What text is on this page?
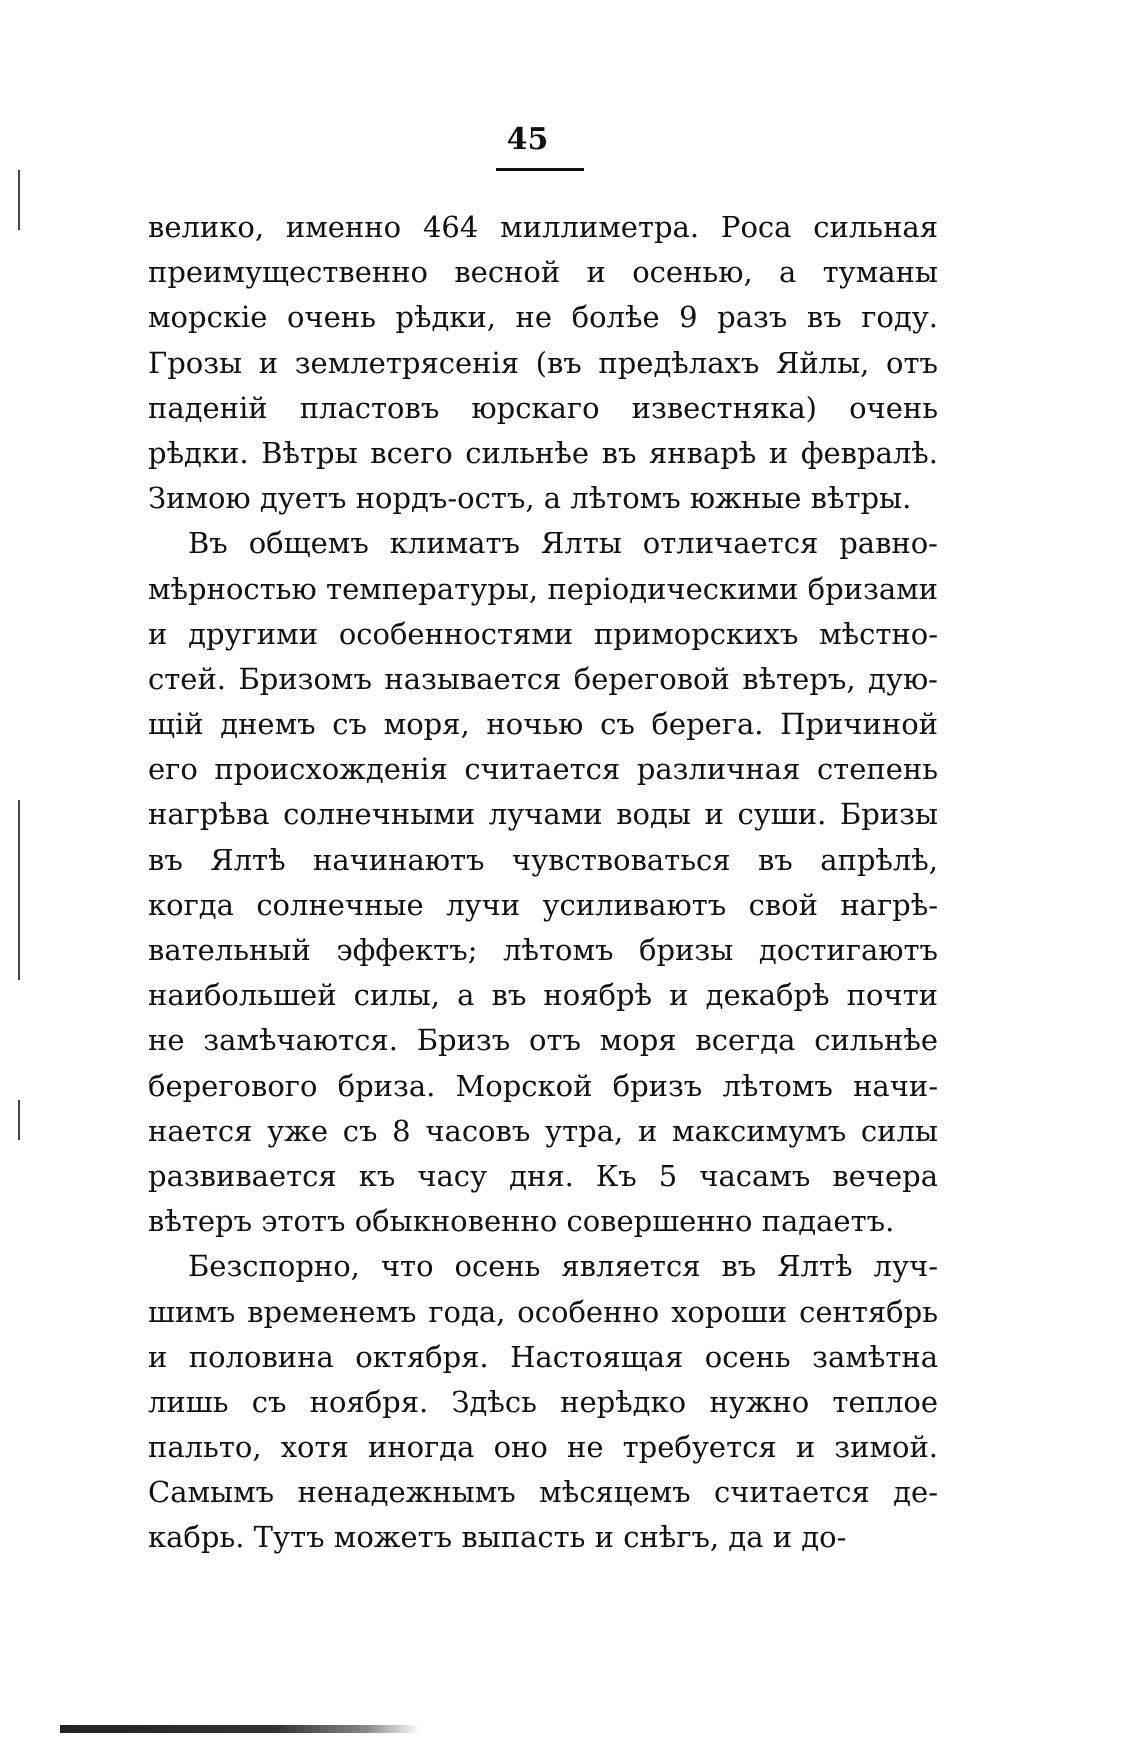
45
велико, именно 464 миллиметра. Роса сильная
преимущественно весной и осенью, а туманы
морскіе очень рѣдки, не болѣе 9 разъ въ году.
Грозы и землетрясенія (въ предѣлахъ Яйлы, отъ
паденій пластовъ юрскаго известняка) очень
рѣдки. Вѣтры всего сильнѣе въ январѣ и февралѣ.
Зимою дуетъ нордъ-остъ, а лѣтомъ южные вѣтры.
Въ общемъ климатъ Ялты отличается равно-
мѣрностью температуры, періодическими бризами
и другими особенностями приморскихъ мѣстно-
стей. Бризомъ называется береговой вѣтеръ, дую-
щій днемъ съ моря, ночью съ берега. Причиной
его происхожденія считается различная степень
нагрѣва солнечными лучами воды и суши. Бризы
въ Ялтѣ начинаютъ чувствоваться въ апрѣлѣ,
когда солнечные лучи усиливаютъ свой нагрѣ-
вательный эффектъ; лѣтомъ бризы достигаютъ
наибольшей силы, а въ ноябрѣ и декабрѣ почти
не замѣчаются. Бризъ отъ моря всегда сильнѣе
берегового бриза. Морской бризъ лѣтомъ начи-
нается уже съ 8 часовъ утра, и максимумъ силы
развивается къ часу дня. Къ 5 часамъ вечера
вѣтеръ этотъ обыкновенно совершенно падаетъ.
Безспорно, что осень является въ Ялтѣ луч-
шимъ временемъ года, особенно хороши сентябрь
и половина октября. Настоящая осень замѣтна
лишь съ ноября. Здѣсь нерѣдко нужно теплое
пальто, хотя иногда оно не требуется и зимой.
Самымъ ненадежнымъ мѣсяцемъ считается де-
кабрь. Тутъ можетъ выпасть и снѣгъ, да и до-
